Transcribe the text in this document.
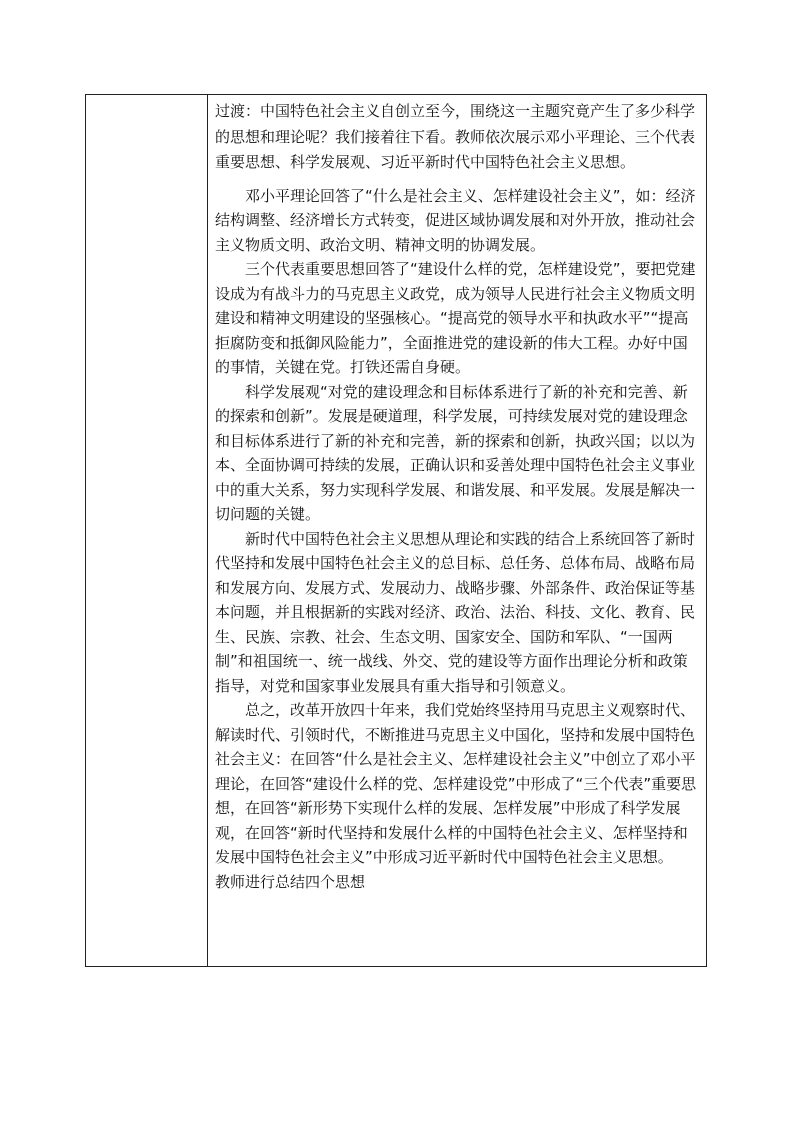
过渡：中国特色社会主义自创立至今，围绕这一主题究竟产生了多少科学的思想和理论呢？我们接着往下看。教师依次展示邓小平理论、三个代表重要思想、科学发展观、习近平新时代中国特色社会主义思想。

邓小平理论回答了“什么是社会主义、怎样建设社会主义”，如：经济结构调整、经济增长方式转变，促进区域协调发展和对外开放，推动社会主义物质文明、政治文明、精神文明的协调发展。

三个代表重要思想回答了“建设什么样的党，怎样建设党”，要把党建设成为有战斗力的马克思主义政党，成为领导人民进行社会主义物质文明建设和精神文明建设的坚强核心。“提高党的领导水平和执政水平”“提高拒腐防变和抵御风险能力”，全面推进党的建设新的伟大工程。办好中国的事情，关键在党。打铁还需自身硬。

科学发展观“对党的建设理念和目标体系进行了新的补充和完善、新的探索和创新”。发展是硬道理，科学发展，可持续发展对党的建设理念和目标体系进行了新的补充和完善，新的探索和创新，执政兴国；以以为本、全面协调可持续的发展，正确认识和妥善处理中国特色社会主义事业中的重大关系，努力实现科学发展、和谐发展、和平发展。发展是解决一切问题的关键。

新时代中国特色社会主义思想从理论和实践的结合上系统回答了新时代坚持和发展中国特色社会主义的总目标、总任务、总体布局、战略布局和发展方向、发展方式、发展动力、战略步骤、外部条件、政治保证等基本问题，并且根据新的实践对经济、政治、法治、科技、文化、教育、民生、民族、宗教、社会、生态文明、国家安全、国防和军队、“一国两制”和祖国统一、统一战线、外交、党的建设等方面作出理论分析和政策指导，对党和国家事业发展具有重大指导和引领意义。

总之，改革开放四十年来，我们党始终坚持用马克思主义观察时代、解读时代、引领时代，不断推进马克思主义中国化，坚持和发展中国特色社会主义：在回答“什么是社会主义、怎样建设社会主义”中创立了邓小平理论，在回答“建设什么样的党、怎样建设党”中形成了“三个代表”重要思想，在回答“新形势下实现什么样的发展、怎样发展”中形成了科学发展观，在回答“新时代坚持和发展什么样的中国特色社会主义、怎样坚持和发展中国特色社会主义”中形成习近平新时代中国特色社会主义思想。

教师进行总结四个思想
